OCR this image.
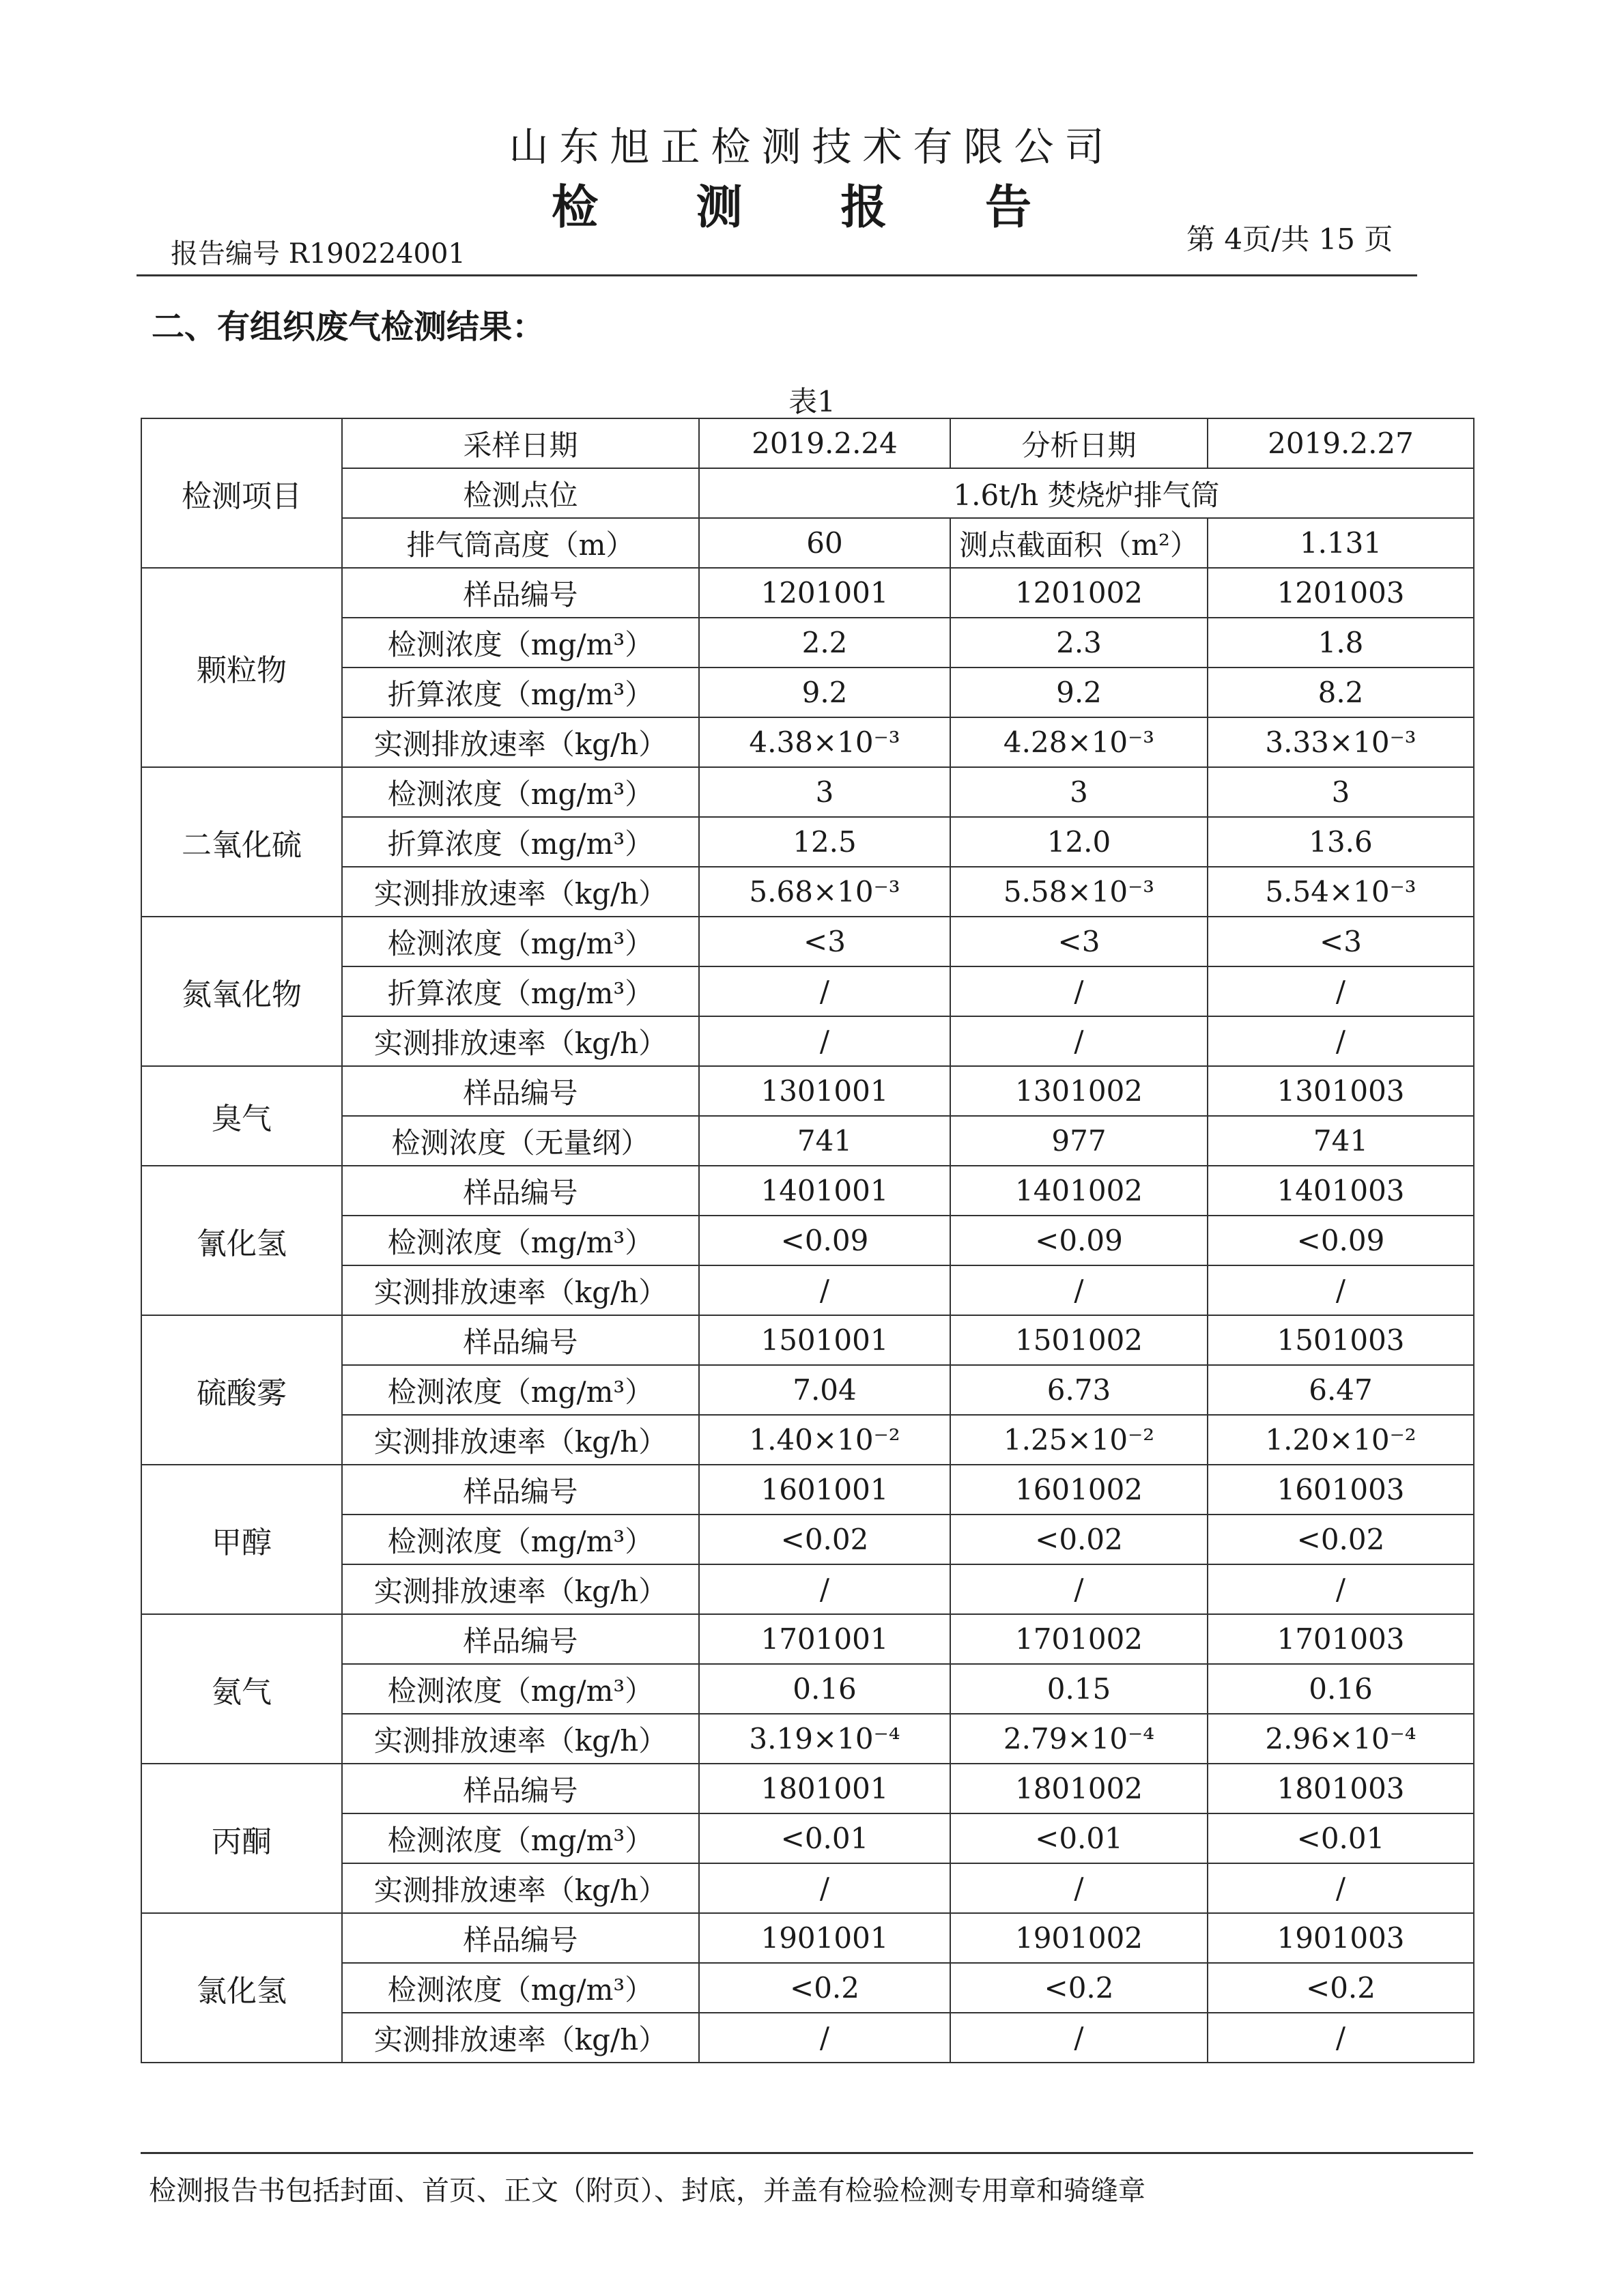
山东旭正检测技术有限公司
检 测 报 告
报告编号 R190224001	第 4页/共 15 页
二、有组织废气检测结果：
表1
检测项目	采样日期	2019.2.24	分析日期	2019.2.27
	检测点位	1.6t/h 焚烧炉排气筒		
	排气筒高度（m）	60	测点截面积（m²）	1.131
颗粒物	样品编号	1201001	1201002	1201003
	检测浓度（mg/m³）	2.2	2.3	1.8
	折算浓度（mg/m³）	9.2	9.2	8.2
	实测排放速率（kg/h）	4.38×10⁻³	4.28×10⁻³	3.33×10⁻³
二氧化硫	检测浓度（mg/m³）	3	3	3
	折算浓度（mg/m³）	12.5	12.0	13.6
	实测排放速率（kg/h）	5.68×10⁻³	5.58×10⁻³	5.54×10⁻³
氮氧化物	检测浓度（mg/m³）	<3	<3	<3
	折算浓度（mg/m³）	/	/	/
	实测排放速率（kg/h）	/	/	/
臭气	样品编号	1301001	1301002	1301003
	检测浓度（无量纲）	741	977	741
氰化氢	样品编号	1401001	1401002	1401003
	检测浓度（mg/m³）	<0.09	<0.09	<0.09
	实测排放速率（kg/h）	/	/	/
硫酸雾	样品编号	1501001	1501002	1501003
	检测浓度（mg/m³）	7.04	6.73	6.47
	实测排放速率（kg/h）	1.40×10⁻²	1.25×10⁻²	1.20×10⁻²
甲醇	样品编号	1601001	1601002	1601003
	检测浓度（mg/m³）	<0.02	<0.02	<0.02
	实测排放速率（kg/h）	/	/	/
氨气	样品编号	1701001	1701002	1701003
	检测浓度（mg/m³）	0.16	0.15	0.16
	实测排放速率（kg/h）	3.19×10⁻⁴	2.79×10⁻⁴	2.96×10⁻⁴
丙酮	样品编号	1801001	1801002	1801003
	检测浓度（mg/m³）	<0.01	<0.01	<0.01
	实测排放速率（kg/h）	/	/	/
氯化氢	样品编号	1901001	1901002	1901003
	检测浓度（mg/m³）	<0.2	<0.2	<0.2
	实测排放速率（kg/h）	/	/	/
检测报告书包括封面、首页、正文（附页）、封底，并盖有检验检测专用章和骑缝章
